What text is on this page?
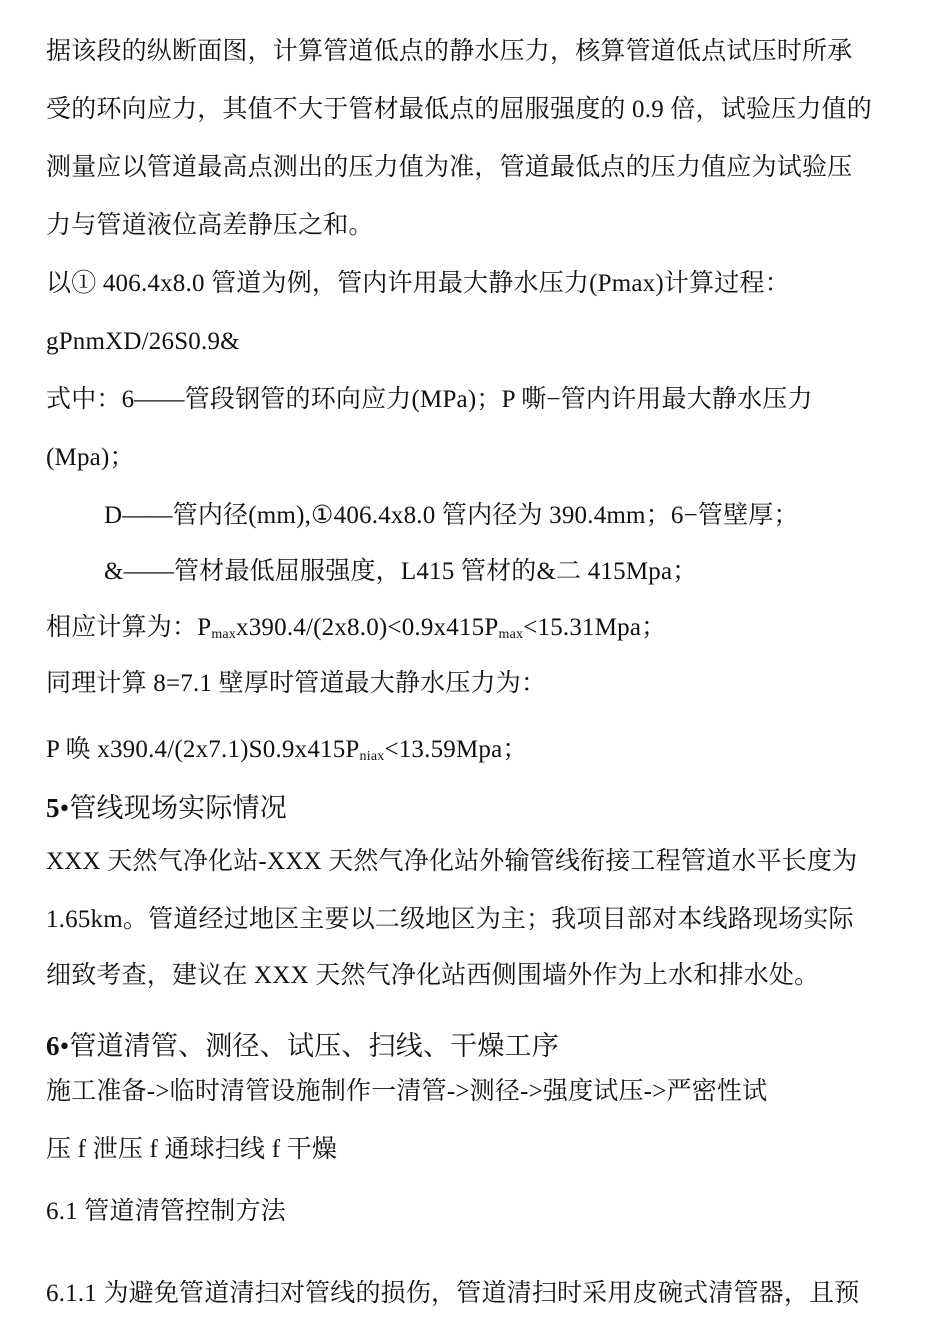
据该段的纵断面图，计算管道低点的静水压力，核算管道低点试压时所承
受的环向应力，其值不大于管材最低点的屈服强度的 0.9 倍，试验压力值的
测量应以管道最高点测出的压力值为准，管道最低点的压力值应为试验压
力与管道液位高差静压之和。
以① 406.4x8.0 管道为例，管内许用最大静水压力(Pmax)计算过程：
gPnmXD/26S0.9&
式中：6——管段钢管的环向应力(MPa)；P 嘶−管内许用最大静水压力
(Mpa)；
D——管内径(mm),①406.4x8.0 管内径为 390.4mm；6−管壁厚；
&——管材最低屈服强度，L415 管材的&二 415Mpa；
相应计算为：$P_{max}x390.4/(2x8.0)<0.9x415P_{max}<15.31Mpa$；
同理计算 8=7.1 壁厚时管道最大静水压力为：
P 唤 $x390.4/(2x7.1)S0.9x415P_{niax}<13.59Mpa$；
5•管线现场实际情况
XXX 天然气净化站-XXX 天然气净化站外输管线衔接工程管道水平长度为
1.65km。管道经过地区主要以二级地区为主；我项目部对本线路现场实际
细致考查，建议在 XXX 天然气净化站西侧围墙外作为上水和排水处。
6•管道清管、测径、试压、扫线、干燥工序
施工准备->临时清管设施制作一清管->测径->强度试压->严密性试
压 f 泄压 f 通球扫线 f 干燥
6.1 管道清管控制方法
6.1.1 为避免管道清扫对管线的损伤，管道清扫时采用皮碗式清管器，且预
